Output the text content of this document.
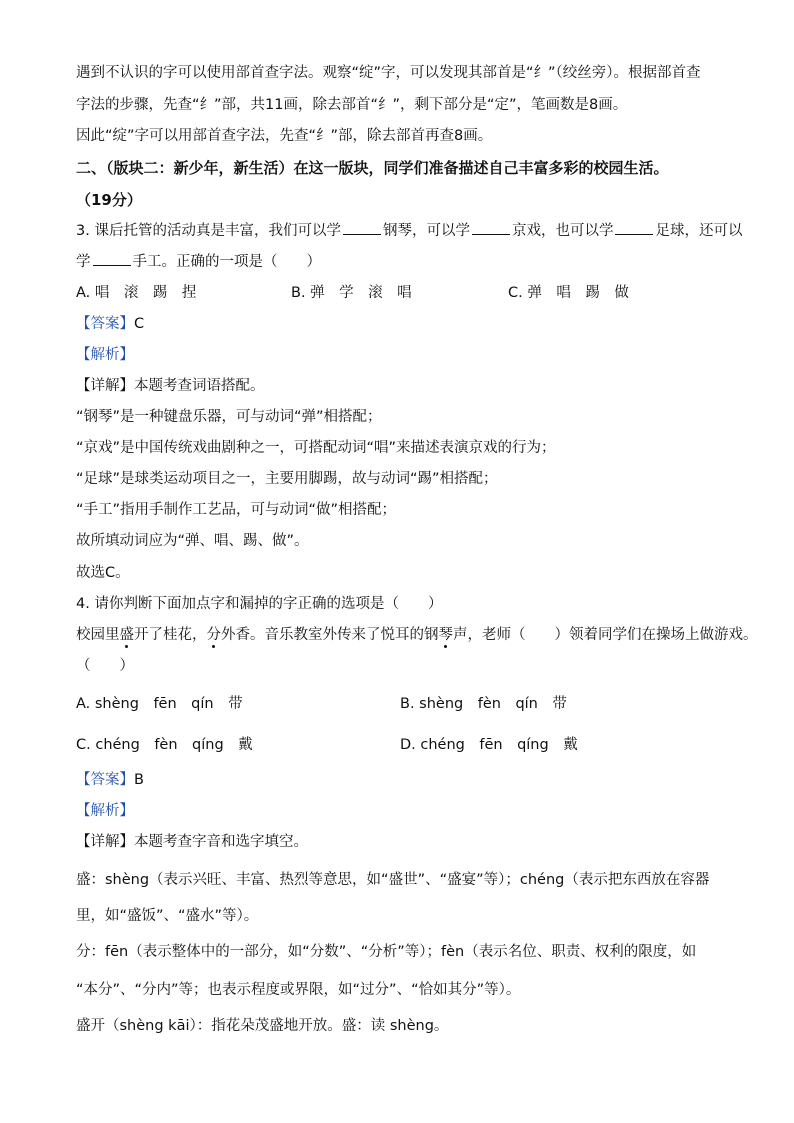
遇到不认识的字可以使用部首查字法。观察“绽”字，可以发现其部首是“纟”（绞丝旁）。根据部首查
字法的步骤，先查“纟”部，共11画，除去部首“纟”，剩下部分是“定”，笔画数是8画。
因此“绽”字可以用部首查字法，先查“纟”部，除去部首再查8画。
二、（版块二：新少年，新生活）在这一版块，同学们准备描述自己丰富多彩的校园生活。
（19分）
3. 课后托管的活动真是丰富，我们可以学	钢琴，可以学	京戏，也可以学	足球，还可以
学	手工。正确的一项是（　　）
A. 唱　滚　踢　捏	B. 弹　学　滚　唱	C. 弹　唱　踢　做
【答案】C
【解析】
【详解】本题考查词语搭配。
“钢琴”是一种键盘乐器，可与动词“弹”相搭配；
“京戏”是中国传统戏曲剧种之一，可搭配动词“唱”来描述表演京戏的行为；
“足球”是球类运动项目之一，主要用脚踢，故与动词“踢”相搭配；
“手工”指用手制作工艺品，可与动词“做”相搭配；
故所填动词应为“弹、唱、踢、做”。
故选C。
4. 请你判断下面加点字和漏掉的字正确的选项是（　　）
校园里盛开了桂花，分外香。音乐教室外传来了悦耳的钢琴声，老师（　　）领着同学们在操场上做游戏。
（　　）
A. shèng　fēn　qín　带	B. shèng　fèn　qín　带
C. chéng　fèn　qíng　戴	D. chéng　fēn　qíng　戴
【答案】B
【解析】
【详解】本题考查字音和选字填空。
盛：shèng（表示兴旺、丰富、热烈等意思，如“盛世”、“盛宴”等）；chéng（表示把东西放在容器
里，如“盛饭”、“盛水”等）。
分：fēn（表示整体中的一部分，如“分数”、“分析”等）；fèn（表示名位、职责、权利的限度，如
“本分”、“分内”等；也表示程度或界限，如“过分”、“恰如其分”等）。
盛开（shèng kāi）：指花朵茂盛地开放。盛：读 shèng。
